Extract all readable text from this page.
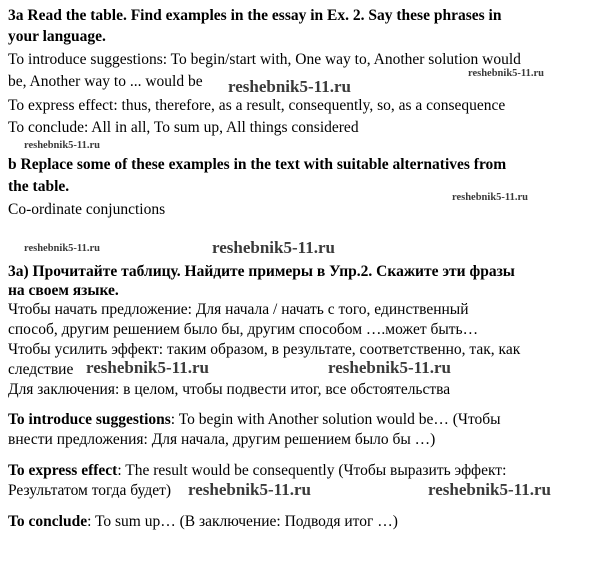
3a Read the table. Find examples in the essay in Ex. 2. Say these phrases in
your language.
To introduce suggestions: To begin/start with, One way to, Another solution would
be, Another way to ... would be
To express effect: thus, therefore, as a result, consequently, so, as a consequence
To conclude: All in all, To sum up, All things considered
b Replace some of these examples in the text with suitable alternatives from
the table.
Co-ordinate conjunctions
3а) Прочитайте таблицу. Найдите примеры в Упр.2. Скажите эти фразы
на своем языке.
Чтобы начать предложение: Для начала / начать с того, единственный
способ, другим решением было бы, другим способом ….может быть…
Чтобы усилить эффект: таким образом, в результате, соответственно, так, как
следствие
Для заключения: в целом, чтобы подвести итог, все обстоятельства
To introduce suggestions: To begin with Another solution would be… (Чтобы
внести предложения: Для начала, другим решением было бы …)
To express effect: The result would be consequently (Чтобы выразить эффект:
Результатом тогда будет)
To conclude: To sum up… (В заключение: Подводя итог …)
reshebnik5-11.ru
reshebnik5-11.ru
reshebnik5-11.ru
reshebnik5-11.ru
reshebnik5-11.ru	reshebnik5-11.ru
reshebnik5-11.ru	reshebnik5-11.ru
reshebnik5-11.ru	reshebnik5-11.ru
